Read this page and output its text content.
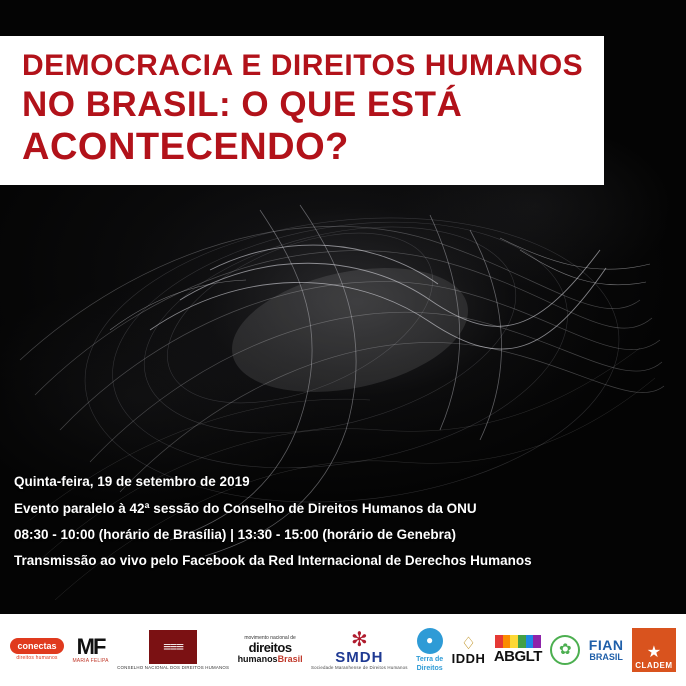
DEMOCRACIA E DIREITOS HUMANOS
NO BRASIL: O QUE ESTÁ
ACONTECENDO?
Quinta-feira, 19 de setembro de 2019
Evento paralelo à 42ª sessão do Conselho de Direitos Humanos da ONU
08:30 - 10:00 (horário de Brasília) | 13:30 - 15:00 (horário de Genebra)
Transmissão ao vivo pelo Facebook da Red Internacional de Derechos Humanos
conectas
direitos humanos MF
MARIA FELIPA
≡≡≡
CONSELHO NACIONAL DOS DIREITOS HUMANOS
movimento nacional de
direitos
humanosBrasil
✻
SMDH
Sociedade Maranhense de Direitos Humanos
●
Terra de
Direitos
♢
IDDH ABGLT	✿	FIAN
BRASIL ★
CLADEM
